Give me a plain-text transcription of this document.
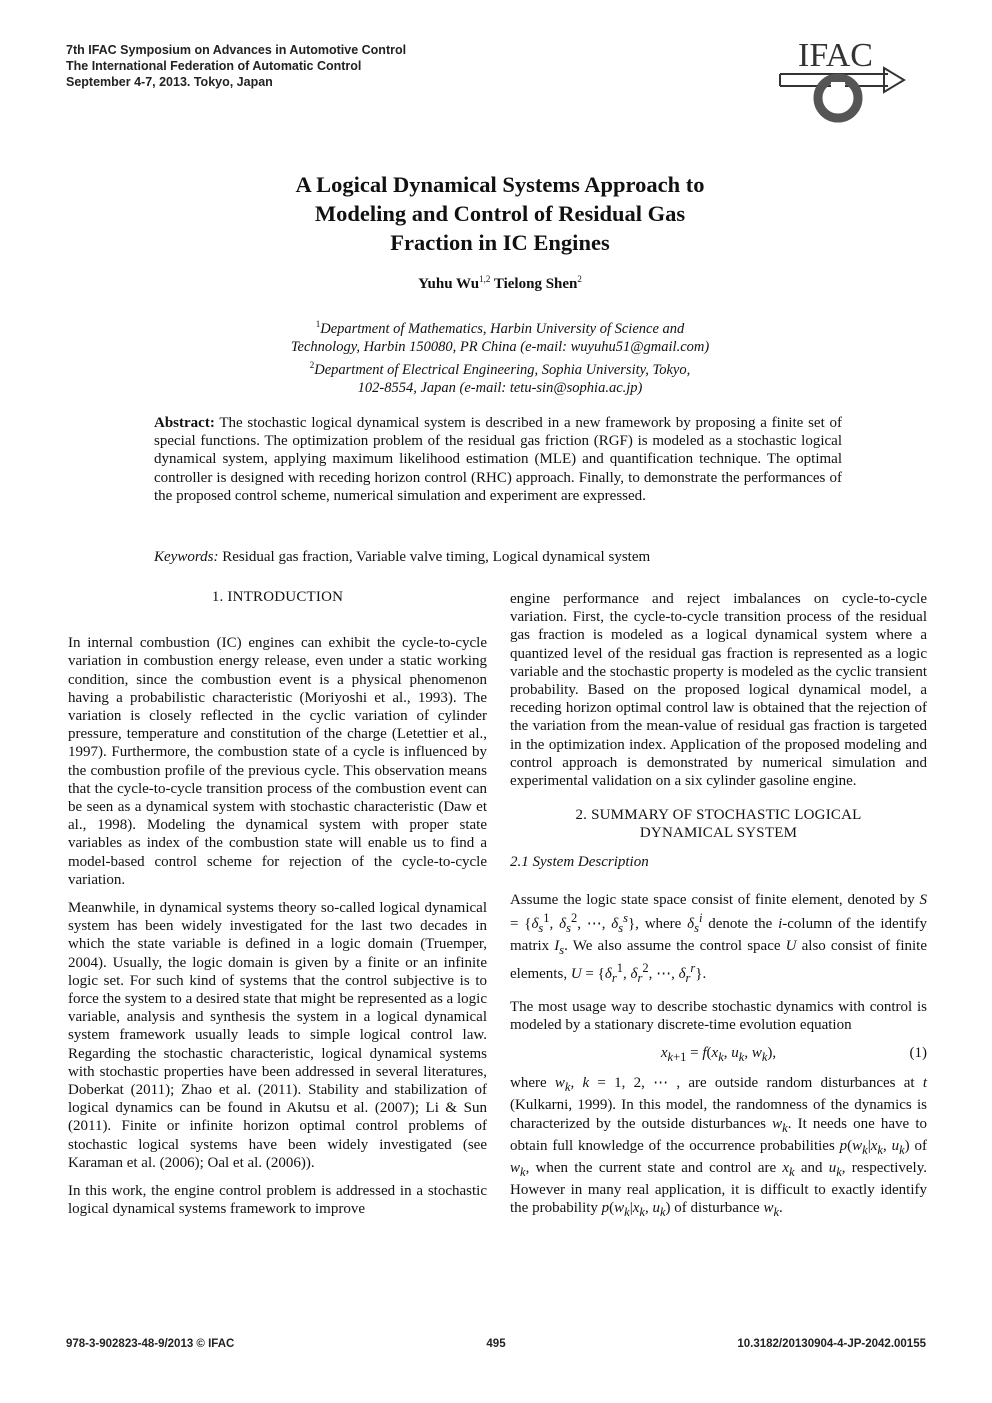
7th IFAC Symposium on Advances in Automotive Control
The International Federation of Automatic Control
September 4-7, 2013. Tokyo, Japan
IFAC
A Logical Dynamical Systems Approach to
Modeling and Control of Residual Gas
Fraction in IC Engines
Yuhu Wu$^{1,2}$ Tielong Shen$^2$
$^1$Department of Mathematics, Harbin University of Science and
Technology, Harbin 150080, PR China (e-mail: wuyuhu51@gmail.com)
$^2$Department of Electrical Engineering, Sophia University, Tokyo,
102-8554, Japan (e-mail: tetu-sin@sophia.ac.jp)
Abstract: The stochastic logical dynamical system is described in a new framework by proposing a finite set of special functions. The optimization problem of the residual gas friction (RGF) is modeled as a stochastic logical dynamical system, applying maximum likelihood estimation (MLE) and quantification technique. The optimal controller is designed with receding horizon control (RHC) approach. Finally, to demonstrate the performances of the proposed control scheme, numerical simulation and experiment are expressed.
Keywords: Residual gas fraction, Variable valve timing, Logical dynamical system
1. INTRODUCTION

In internal combustion (IC) engines can exhibit the cycle-to-cycle variation in combustion energy release, even under a static working condition, since the combustion event is a physical phenomenon having a probabilistic characteristic (Moriyoshi et al., 1993). The variation is closely reflected in the cyclic variation of cylinder pressure, temperature and constitution of the charge (Letettier et al., 1997). Furthermore, the combustion state of a cycle is influenced by the combustion profile of the previous cycle. This observation means that the cycle-to-cycle transition process of the combustion event can be seen as a dynamical system with stochastic characteristic (Daw et al., 1998). Modeling the dynamical system with proper state variables as index of the combustion state will enable us to find a model-based control scheme for rejection of the cycle-to-cycle variation.

Meanwhile, in dynamical systems theory so-called logical dynamical system has been widely investigated for the last two decades in which the state variable is defined in a logic domain (Truemper, 2004). Usually, the logic domain is given by a finite or an infinite logic set. For such kind of systems that the control subjective is to force the system to a desired state that might be represented as a logic variable, analysis and synthesis the system in a logical dynamical system framework usually leads to simple logical control law. Regarding the stochastic characteristic, logical dynamical systems with stochastic properties have been addressed in several literatures, Doberkat (2011); Zhao et al. (2011). Stability and stabilization of logical dynamics can be found in Akutsu et al. (2007); Li & Sun (2011). Finite or infinite horizon optimal control problems of stochastic logical systems have been widely investigated (see Karaman et al. (2006); Oal et al. (2006)).

In this work, the engine control problem is addressed in a stochastic logical dynamical systems framework to improve

engine performance and reject imbalances on cycle-to-cycle variation. First, the cycle-to-cycle transition process of the residual gas fraction is modeled as a logical dynamical system where a quantized level of the residual gas fraction is represented as a logic variable and the stochastic property is modeled as the cyclic transient probability. Based on the proposed logical dynamical model, a receding horizon optimal control law is obtained that the rejection of the variation from the mean-value of residual gas fraction is targeted in the optimization index. Application of the proposed modeling and control approach is demonstrated by numerical simulation and experimental validation on a six cylinder gasoline engine.

2. SUMMARY OF STOCHASTIC LOGICAL
DYNAMICAL SYSTEM
2.1 System Description

Assume the logic state space consist of finite element, denoted by $S = \{\delta_s^1$, $\delta_s^2$, ⋯, $\delta_s^s$}, where $\delta_s^i$ denote the i-column of the identify matrix $I_s$. We also assume the control space U also consist of finite elements, $U = \{\delta_r^1$, $\delta_r^2$, ⋯, $\delta_r^r$}.

The most usage way to describe stochastic dynamics with control is modeled by a stationary discrete-time evolution equation

$x_{k+1} = f(x_k$, $u_k$, $w_k$),	(1)

where $w_k$, k = 1, 2, ⋯ , are outside random disturbances at t (Kulkarni, 1999). In this model, the randomness of the dynamics is characterized by the outside disturbances $w_k$. It needs one have to obtain full knowledge of the occurrence probabilities $p(w_k|x_k$, $u_k$) of $w_k$, when the current state and control are $x_k$ and $u_k$, respectively. However in many real application, it is difficult to exactly identify the probability $p(w_k|x_k$, $u_k$) of disturbance $w_k$.

978-3-902823-48-9/2013 © IFAC	495	10.3182/20130904-4-JP-2042.00155
